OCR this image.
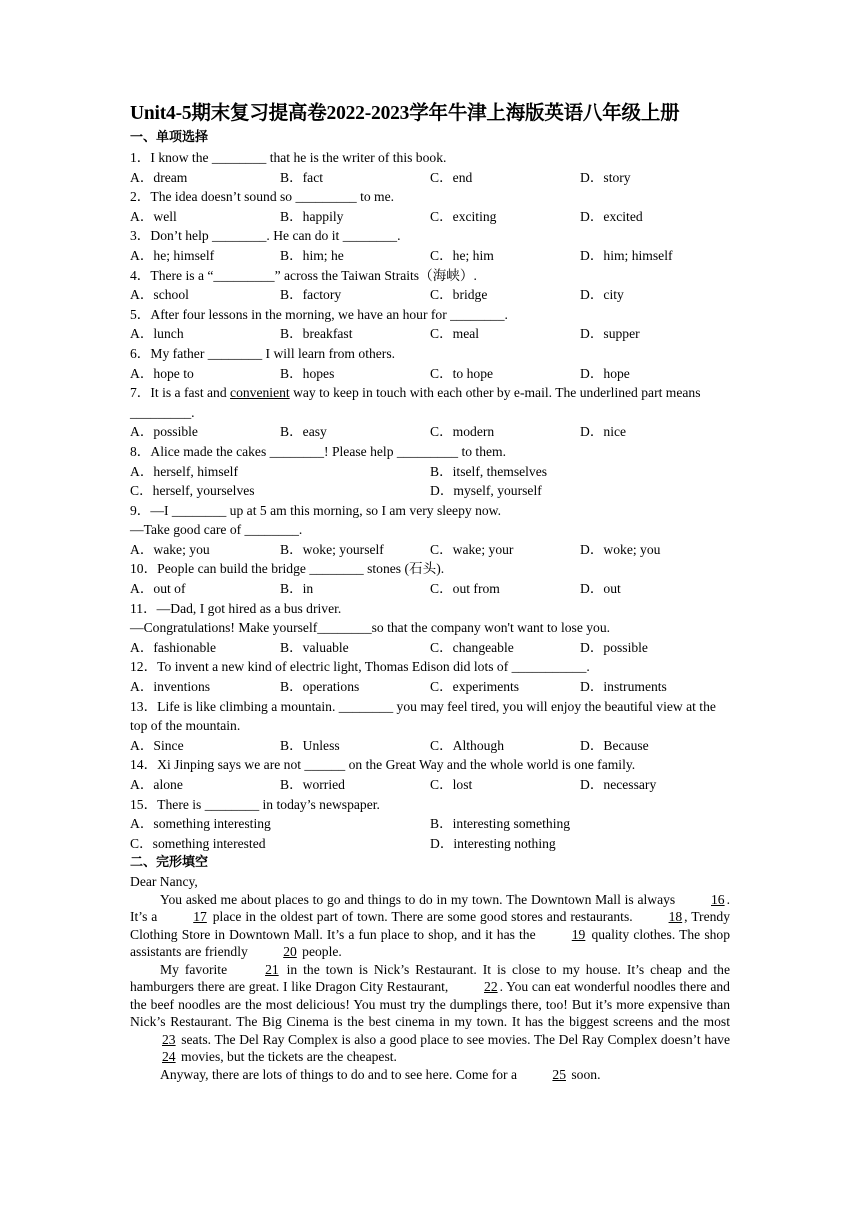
Unit4-5期末复习提高卷2022-2023学年牛津上海版英语八年级上册

一、单项选择

1．I know the ________ that he is the writer of this book.

A．dream	B．fact	C．end	D．story

2．The idea doesn’t sound so _________ to me.

A．well	B．happily	C．exciting	D．excited

3．Don’t help ________. He can do it ________.

A．he; himself	B．him; he	C．he; him	D．him; himself

4．There is a “_________” across the Taiwan Straits（海峡）.

A．school	B．factory	C．bridge	D．city

5．After four lessons in the morning, we have an hour for ________.

A．lunch	B．breakfast	C．meal	D．supper

6．My father ________ I will learn from others.

A．hope to	B．hopes	C．to hope	D．hope

7．It is a fast and convenient way to keep in touch with each other by e-mail. The underlined part means _________.

A．possible	B．easy	C．modern	D．nice

8．Alice made the cakes ________! Please help _________ to them.

A．herself, himself	B．itself, themselves
C．herself, yourselves	D．myself, yourself

9．—I ________ up at 5 am this morning, so I am very sleepy now.

—Take good care of ________.

A．wake; you	B．woke; yourself	C．wake; your	D．woke; you

10．People can build the bridge ________ stones (石头).

A．out of	B．in	C．out from	D．out

11．—Dad, I got hired as a bus driver.

—Congratulations! Make yourself________so that the company won't want to lose you.

A．fashionable	B．valuable	C．changeable	D．possible

12．To invent a new kind of electric light, Thomas Edison did lots of ___________.

A．inventions	B．operations	C．experiments	D．instruments

13．Life is like climbing a mountain. ________ you may feel tired, you will enjoy the beautiful view at the top of the mountain.

A．Since	B．Unless	C．Although	D．Because

14．Xi Jinping says we are not ______ on the Great Way and the whole world is one family.

A．alone	B．worried	C．lost	D．necessary

15．There is ________ in today’s newspaper.

A．something interesting	B．interesting something
C．something interested	D．interesting nothing

二、完形填空

Dear Nancy,

You asked me about places to go and things to do in my town. The Downtown Mall is always 16 . It’s a 17 place in the oldest part of town. There are some good stores and restaurants. 18 , Trendy Clothing Store in Downtown Mall. It’s a fun place to shop, and it has the 19 quality clothes. The shop assistants are friendly 20 people.

My favorite 21 in the town is Nick’s Restaurant. It is close to my house. It’s cheap and the hamburgers there are great. I like Dragon City Restaurant, 22 . You can eat wonderful noodles there and the beef noodles are the most delicious! You must try the dumplings there, too! But it’s more expensive than Nick’s Restaurant. The Big Cinema is the best cinema in my town. It has the biggest screens and the most 23 seats. The Del Ray Complex is also a good place to see movies. The Del Ray Complex doesn’t have 24 movies, but the tickets are the cheapest.

Anyway, there are lots of things to do and to see here. Come for a 25 soon.
